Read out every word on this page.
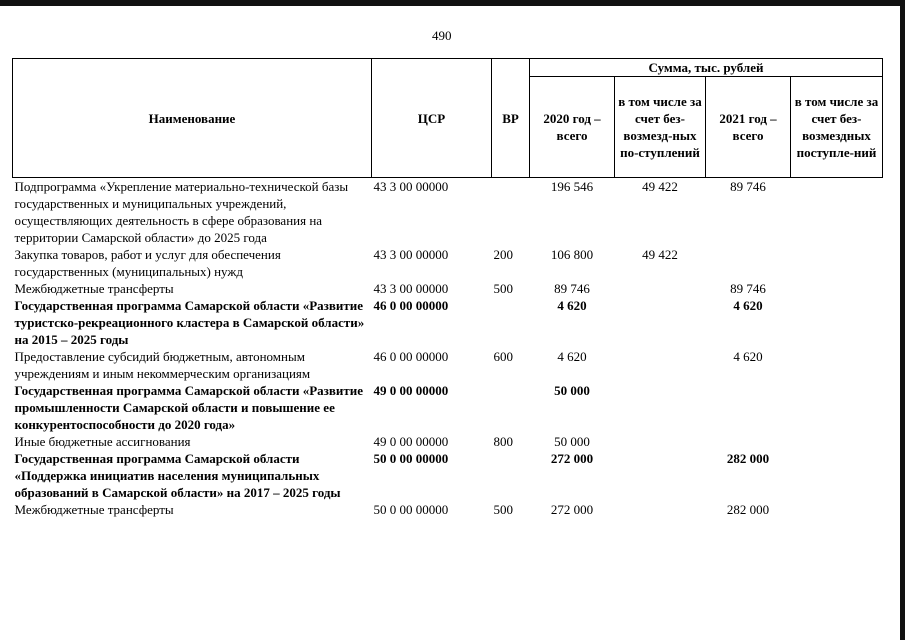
490
Наименование	ЦСР	ВР	Сумма, тыс. рублей			
			2020 год – всего	в том числе за счет без-возмезд-ных по-ступлений	2021 год – всего	в том числе за счет без-возмездных поступле-ний
Подпрограмма «Укрепление материально-технической базы государственных и муниципальных учреждений, осуществляющих деятельность в сфере образования на территории Самарской области» до 2025 года	43 3 00 00000		196 546	49 422	89 746	
Закупка товаров, работ и услуг для обеспечения государственных (муниципальных) нужд	43 3 00 00000	200	106 800	49 422		
Межбюджетные трансферты	43 3 00 00000	500	89 746		89 746	
Государственная программа Самарской области «Развитие туристско-рекреационного кластера в Самарской области» на 2015 – 2025 годы	46 0 00 00000		4 620		4 620	
Предоставление субсидий бюджетным, автономным учреждениям и иным некоммерческим организациям	46 0 00 00000	600	4 620		4 620	
Государственная программа Самарской области «Развитие промышленности Самарской области и повышение ее конкурентоспособности до 2020 года»	49 0 00 00000		50 000			
Иные бюджетные ассигнования	49 0 00 00000	800	50 000			
Государственная программа Самарской области «Поддержка инициатив населения муниципальных образований в Самарской области» на 2017 – 2025 годы	50 0 00 00000		272 000		282 000	
Межбюджетные трансферты	50 0 00 00000	500	272 000		282 000	
